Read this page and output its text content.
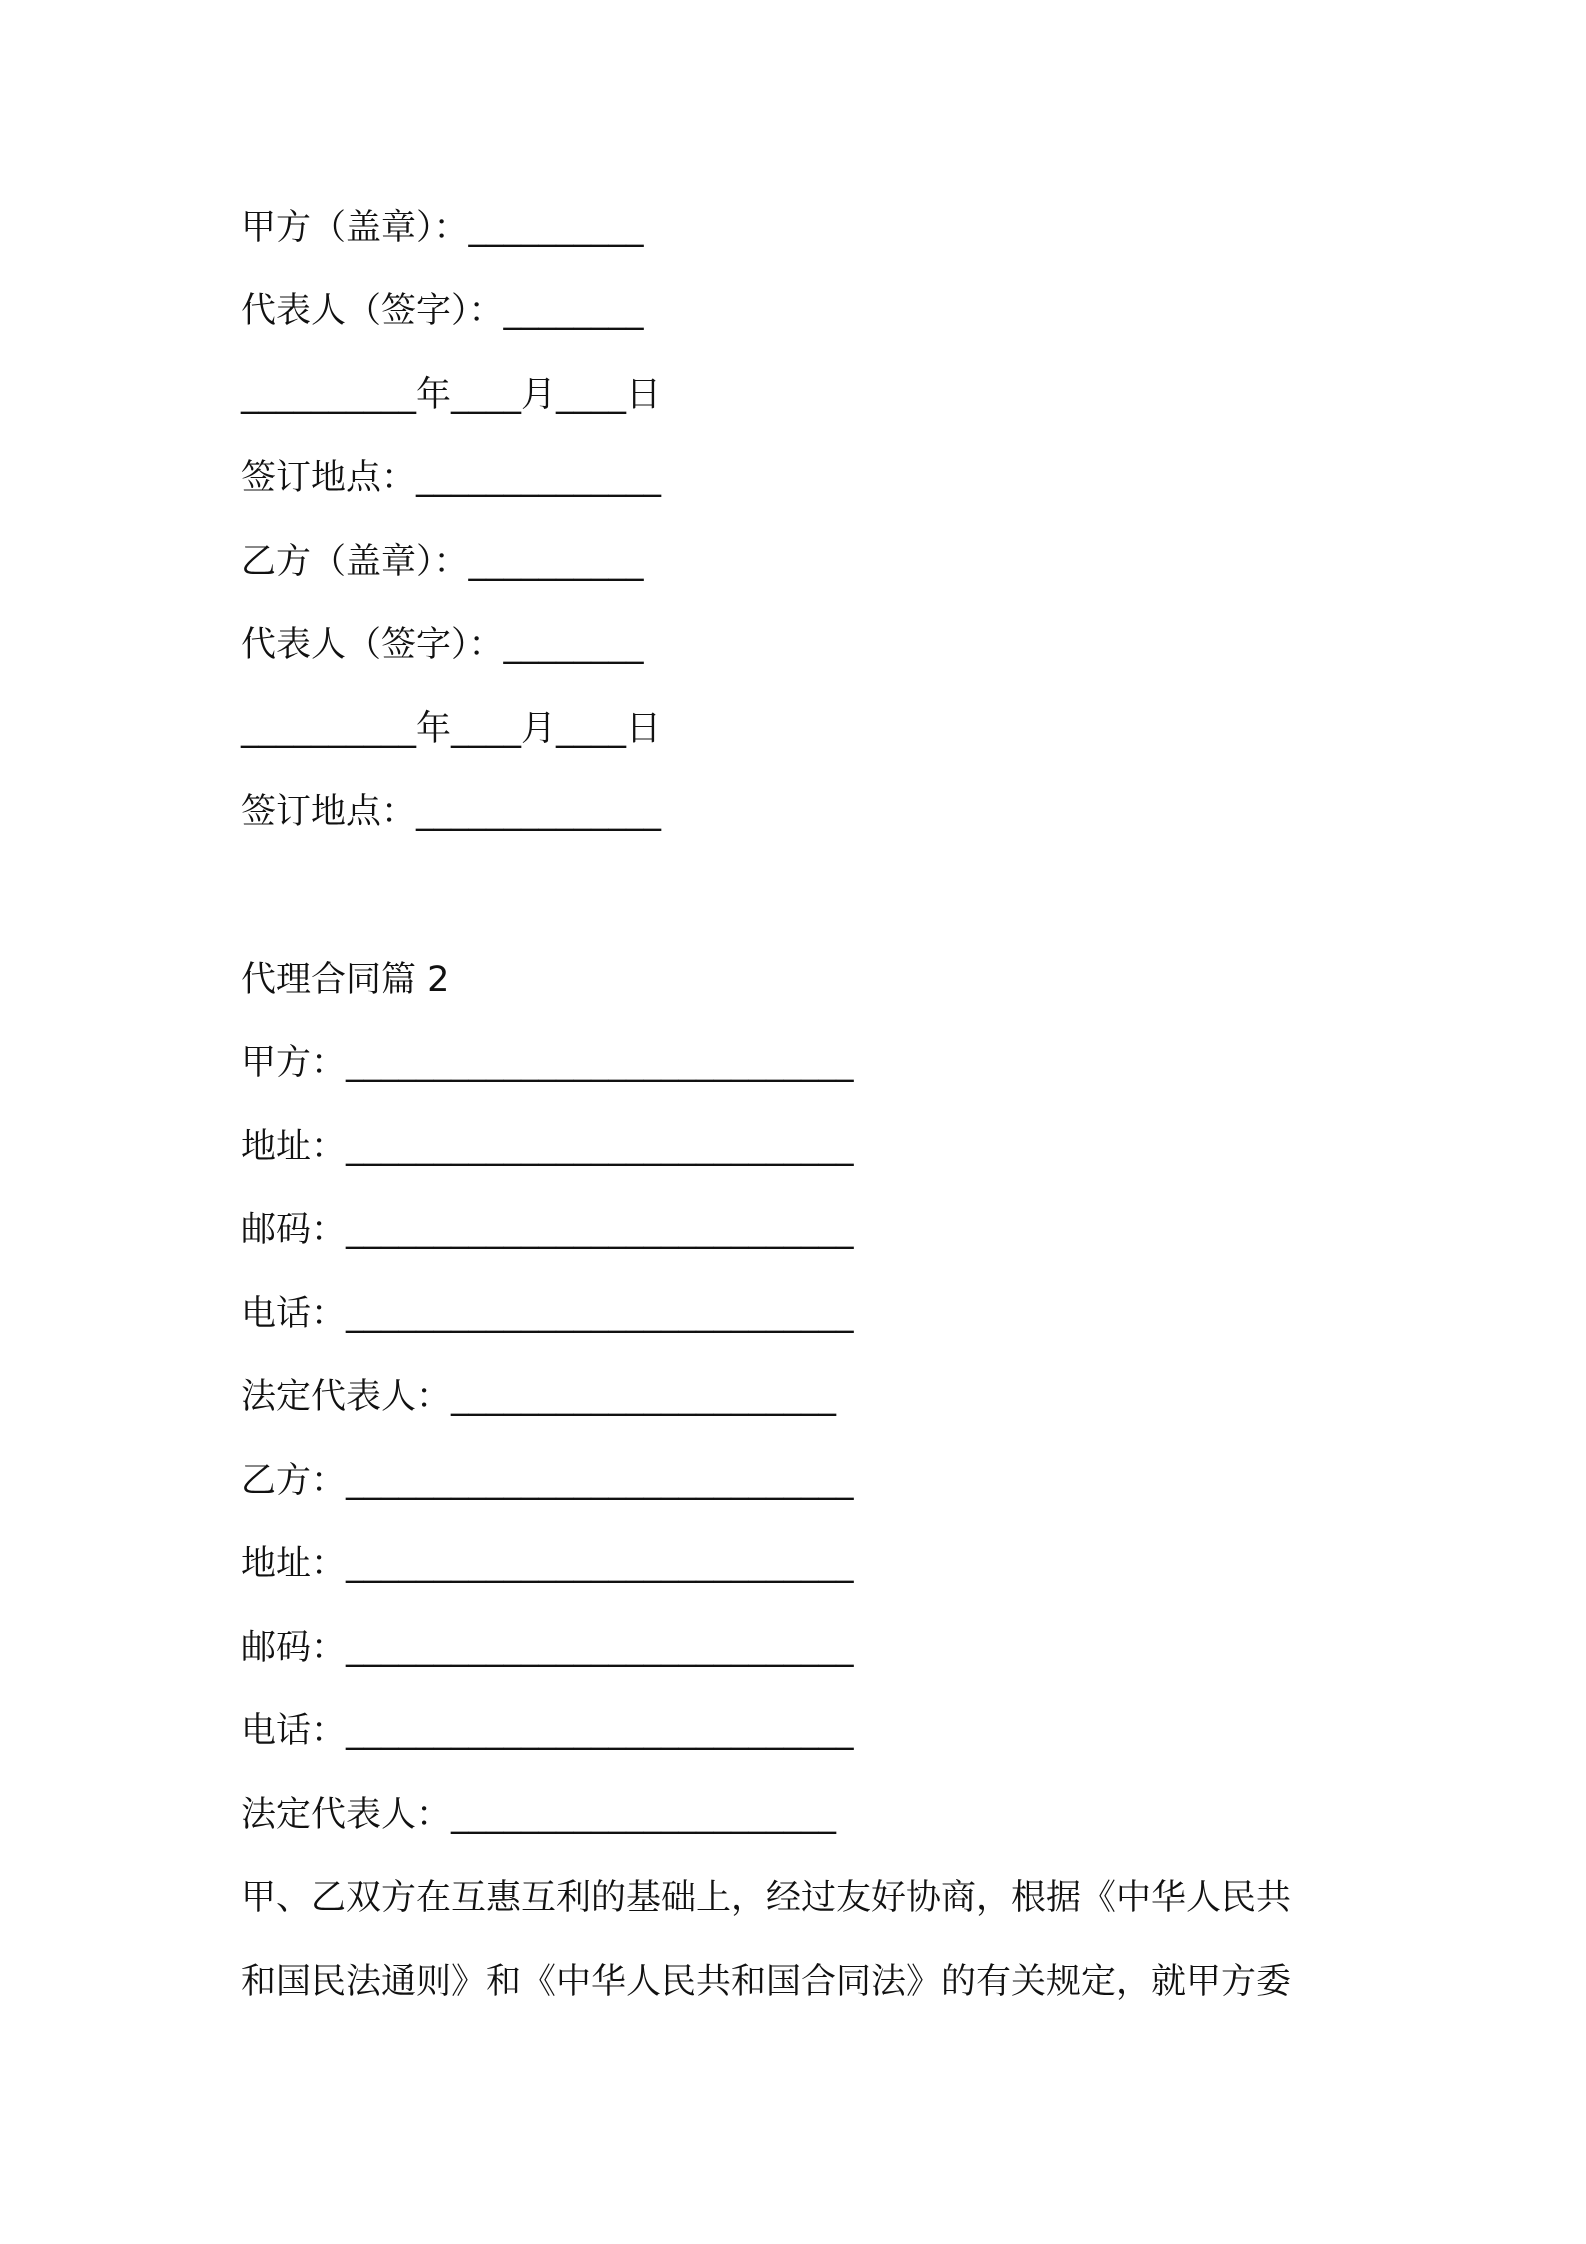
甲方（盖章）：__________
代表人（签字）：________
__________年____月____日
签订地点：______________
乙方（盖章）：__________
代表人（签字）：________
__________年____月____日
签订地点：______________
代理合同篇 2
甲方：_____________________________
地址：_____________________________
邮码：_____________________________
电话：_____________________________
法定代表人：______________________
乙方：_____________________________
地址：_____________________________
邮码：_____________________________
电话：_____________________________
法定代表人：______________________
甲、乙双方在互惠互利的基础上，经过友好协商，根据《中华人民共
和国民法通则》和《中华人民共和国合同法》的有关规定，就甲方委
